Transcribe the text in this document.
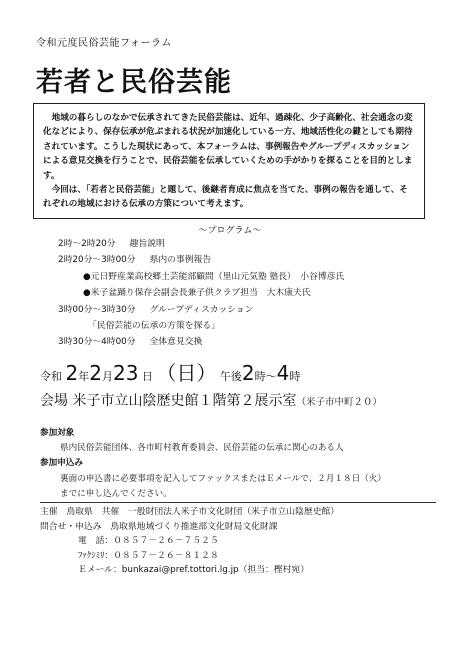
令和元度民俗芸能フォーラム
若者と民俗芸能

地域の暮らしのなかで伝承されてきた民俗芸能は、近年、過疎化、少子高齢化、社会通念の変化などにより、保存伝承が危ぶまれる状況が加速化している一方、地域活性化の鍵としても期待されています。こうした現状にあって、本フォーラムは、事例報告やグループディスカッションによる意見交換を行うことで、民俗芸能を伝承していくための手がかりを探ることを目的とします。

今回は、「若者と民俗芸能」と題して、後継者育成に焦点を当てた、事例の報告を通して、それぞれの地域における伝承の方策について考えます。

～プログラム～
2時～2時20分 趣旨説明
2時20分～3時00分 県内の事例報告
●元日野産業高校郷土芸能部顧問（里山元気塾 塾長）　小谷博彦氏
●米子盆踊り保存会副会長兼子供クラブ担当　大木康夫氏
3時00分～3時30分 グループディスカッション
「民俗芸能の伝承の方策を探る」
3時30分～4時00分 全体意見交換
令和 2年2月23 日 （日） 午後2時～4時
会場 米子市立山陰歴史館１階第２展示室（米子市中町２０）
参加対象
県内民俗芸能団体、各市町村教育委員会、民俗芸能の伝承に関心のある人
参加申込み
裏面の申込書に必要事項を記入してファックスまたはＥメールで、２月１８日（火）
までに申し込んでください。
主催　鳥取県　共催　一般財団法人米子市文化財団（米子市立山陰歴史館）
問合せ・申込み　鳥取県地域づくり推進部文化財局文化財課
電　話：０８５７－２６－７５２５
ﾌｧｸｼﾐﾘ：０８５７－２６－８１２８
Ｅメール：bunkazai@pref.tottori.lg.jp（担当：樫村宛）
